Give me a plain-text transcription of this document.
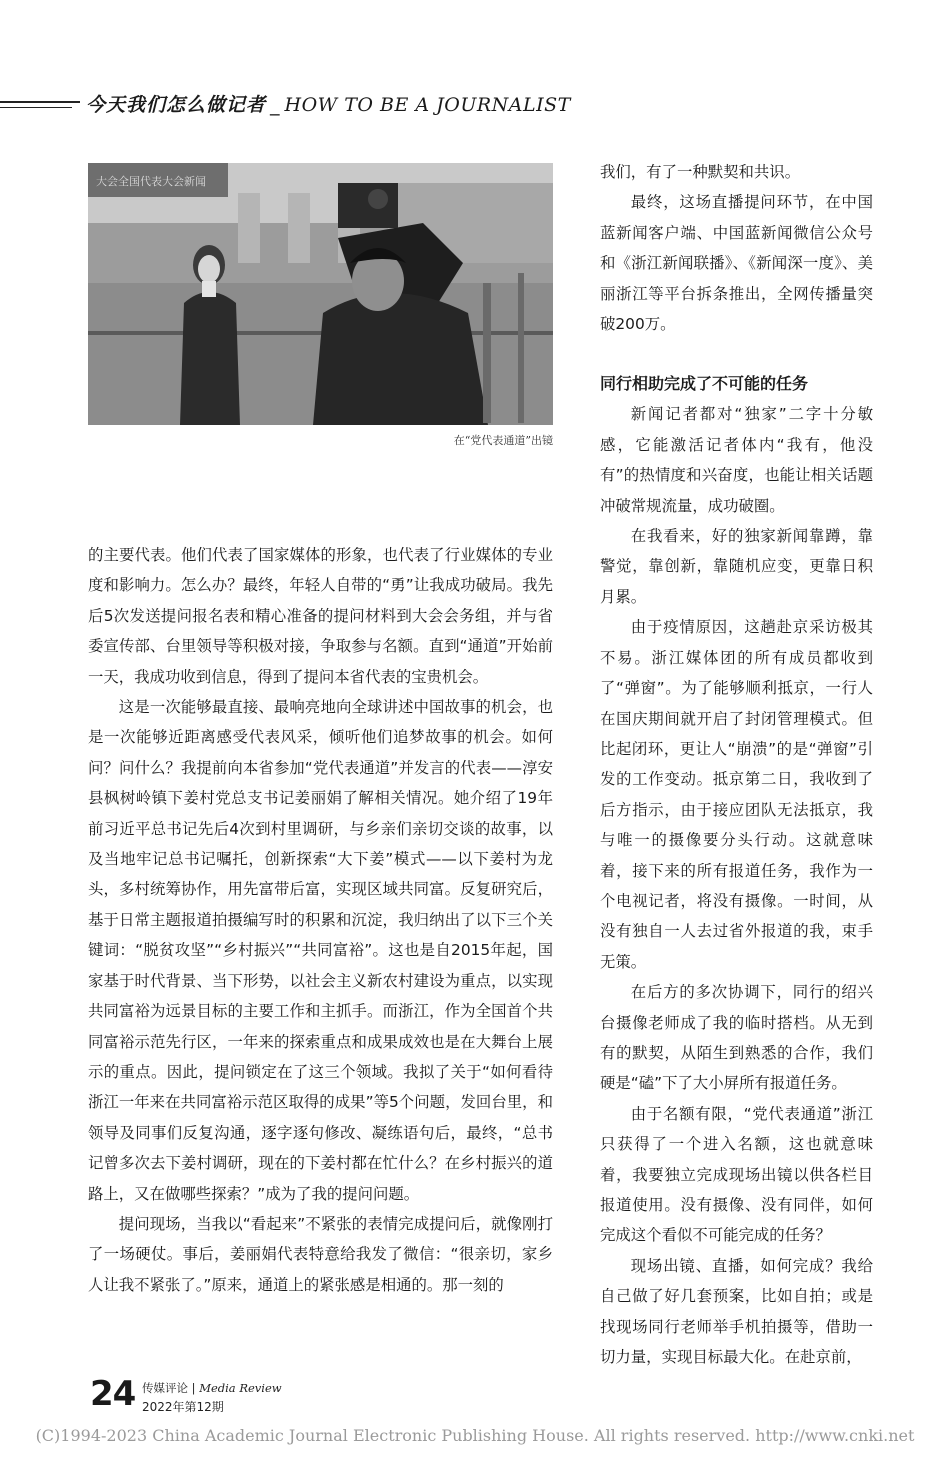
今天我们怎么做记者 _ HOW TO BE A JOURNALIST
大会全国代表大会新闻
在“党代表通道”出镜

的主要代表。他们代表了国家媒体的形象，也代表了行业媒体的专业度和影响力。怎么办？最终，年轻人自带的“勇”让我成功破局。我先后5次发送提问报名表和精心准备的提问材料到大会会务组，并与省委宣传部、台里领导等积极对接，争取参与名额。直到“通道”开始前一天，我成功收到信息，得到了提问本省代表的宝贵机会。

这是一次能够最直接、最响亮地向全球讲述中国故事的机会，也是一次能够近距离感受代表风采，倾听他们追梦故事的机会。如何问？问什么？我提前向本省参加“党代表通道”并发言的代表——淳安县枫树岭镇下姜村党总支书记姜丽娟了解相关情况。她介绍了19年前习近平总书记先后4次到村里调研，与乡亲们亲切交谈的故事，以及当地牢记总书记嘱托，创新探索“大下姜”模式——以下姜村为龙头，多村统筹协作，用先富带后富，实现区域共同富。反复研究后，基于日常主题报道拍摄编写时的积累和沉淀，我归纳出了以下三个关键词：“脱贫攻坚”“乡村振兴”“共同富裕”。这也是自2015年起，国家基于时代背景、当下形势，以社会主义新农村建设为重点，以实现共同富裕为远景目标的主要工作和主抓手。而浙江，作为全国首个共同富裕示范先行区，一年来的探索重点和成果成效也是在大舞台上展示的重点。因此，提问锁定在了这三个领域。我拟了关于“如何看待浙江一年来在共同富裕示范区取得的成果”等5个问题，发回台里，和领导及同事们反复沟通，逐字逐句修改、凝练语句后，最终，“总书记曾多次去下姜村调研，现在的下姜村都在忙什么？在乡村振兴的道路上，又在做哪些探索？”成为了我的提问问题。

提问现场，当我以“看起来”不紧张的表情完成提问后，就像刚打了一场硬仗。事后，姜丽娟代表特意给我发了微信：“很亲切，家乡人让我不紧张了。”原来，通道上的紧张感是相通的。那一刻的

我们，有了一种默契和共识。

最终，这场直播提问环节，在中国蓝新闻客户端、中国蓝新闻微信公众号和《浙江新闻联播》、《新闻深一度》、美丽浙江等平台拆条推出，全网传播量突破200万。

同行相助完成了不可能的任务

新闻记者都对“独家”二字十分敏感，它能激活记者体内“我有，他没有”的热情度和兴奋度，也能让相关话题冲破常规流量，成功破圈。

在我看来，好的独家新闻靠蹲，靠警觉，靠创新，靠随机应变，更靠日积月累。

由于疫情原因，这趟赴京采访极其不易。浙江媒体团的所有成员都收到了“弹窗”。为了能够顺利抵京，一行人在国庆期间就开启了封闭管理模式。但比起闭环，更让人“崩溃”的是“弹窗”引发的工作变动。抵京第二日，我收到了后方指示，由于接应团队无法抵京，我与唯一的摄像要分头行动。这就意味着，接下来的所有报道任务，我作为一个电视记者，将没有摄像。一时间，从没有独自一人去过省外报道的我，束手无策。

在后方的多次协调下，同行的绍兴台摄像老师成了我的临时搭档。从无到有的默契，从陌生到熟悉的合作，我们硬是“磕”下了大小屏所有报道任务。

由于名额有限，“党代表通道”浙江只获得了一个进入名额，这也就意味着，我要独立完成现场出镜以供各栏目报道使用。没有摄像、没有同伴，如何完成这个看似不可能完成的任务？

现场出镜、直播，如何完成？我给自己做了好几套预案，比如自拍；或是找现场同行老师举手机拍摄等，借助一切力量，实现目标最大化。在赴京前，

24 传媒评论 | Media Review
2022年第12期
(C)1994-2023 China Academic Journal Electronic Publishing House. All rights reserved. http://www.cnki.net
